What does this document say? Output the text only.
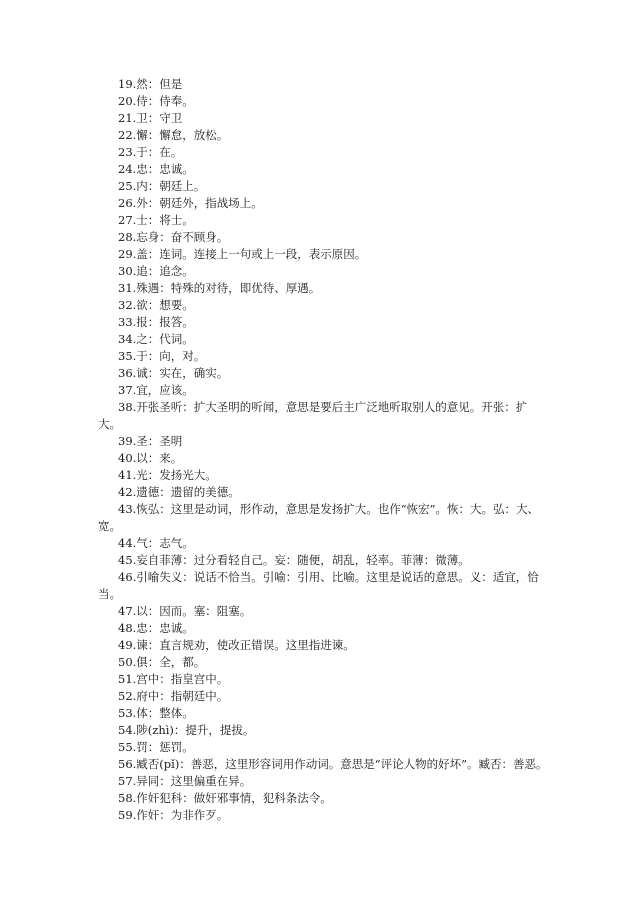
19.然：但是
20.侍：侍奉。
21.卫：守卫
22.懈：懈怠，放松。
23.于：在。
24.忠：忠诚。
25.内：朝廷上。
26.外：朝廷外，指战场上。
27.士：将士。
28.忘身：奋不顾身。
29.盖：连词。连接上一句或上一段，表示原因。
30.追：追念。
31.殊遇：特殊的对待，即优待、厚遇。
32.欲：想要。
33.报：报答。
34.之：代词。
35.于：向，对。
36.诚：实在，确实。
37.宜，应该。
38.开张圣听：扩大圣明的听闻，意思是要后主广泛地听取别人的意见。开张：扩大。
39.圣：圣明
40.以：来。
41.光：发扬光大。
42.遗德：遗留的美德。
43.恢弘：这里是动词，形作动，意思是发扬扩大。也作“恢宏”。恢：大。弘：大、宽。
44.气：志气。
45.妄自菲薄：过分看轻自己。妄：随便，胡乱，轻率。菲薄：微薄。
46.引喻失义：说话不恰当。引喻：引用、比喻。这里是说话的意思。义：适宜，恰当。
47.以：因而。塞：阻塞。
48.忠：忠诚。
49.谏：直言规劝，使改正错误。这里指进谏。
50.俱：全，都。
51.宫中：指皇宫中。
52.府中：指朝廷中。
53.体：整体。
54.陟(zhì)：提升，提拔。
55.罚：惩罚。
56.臧否(pǐ)：善恶，这里形容词用作动词。意思是“评论人物的好坏”。臧否：善恶。
57.异同：这里偏重在异。
58.作奸犯科：做奸邪事情，犯科条法令。
59.作奸：为非作歹。
